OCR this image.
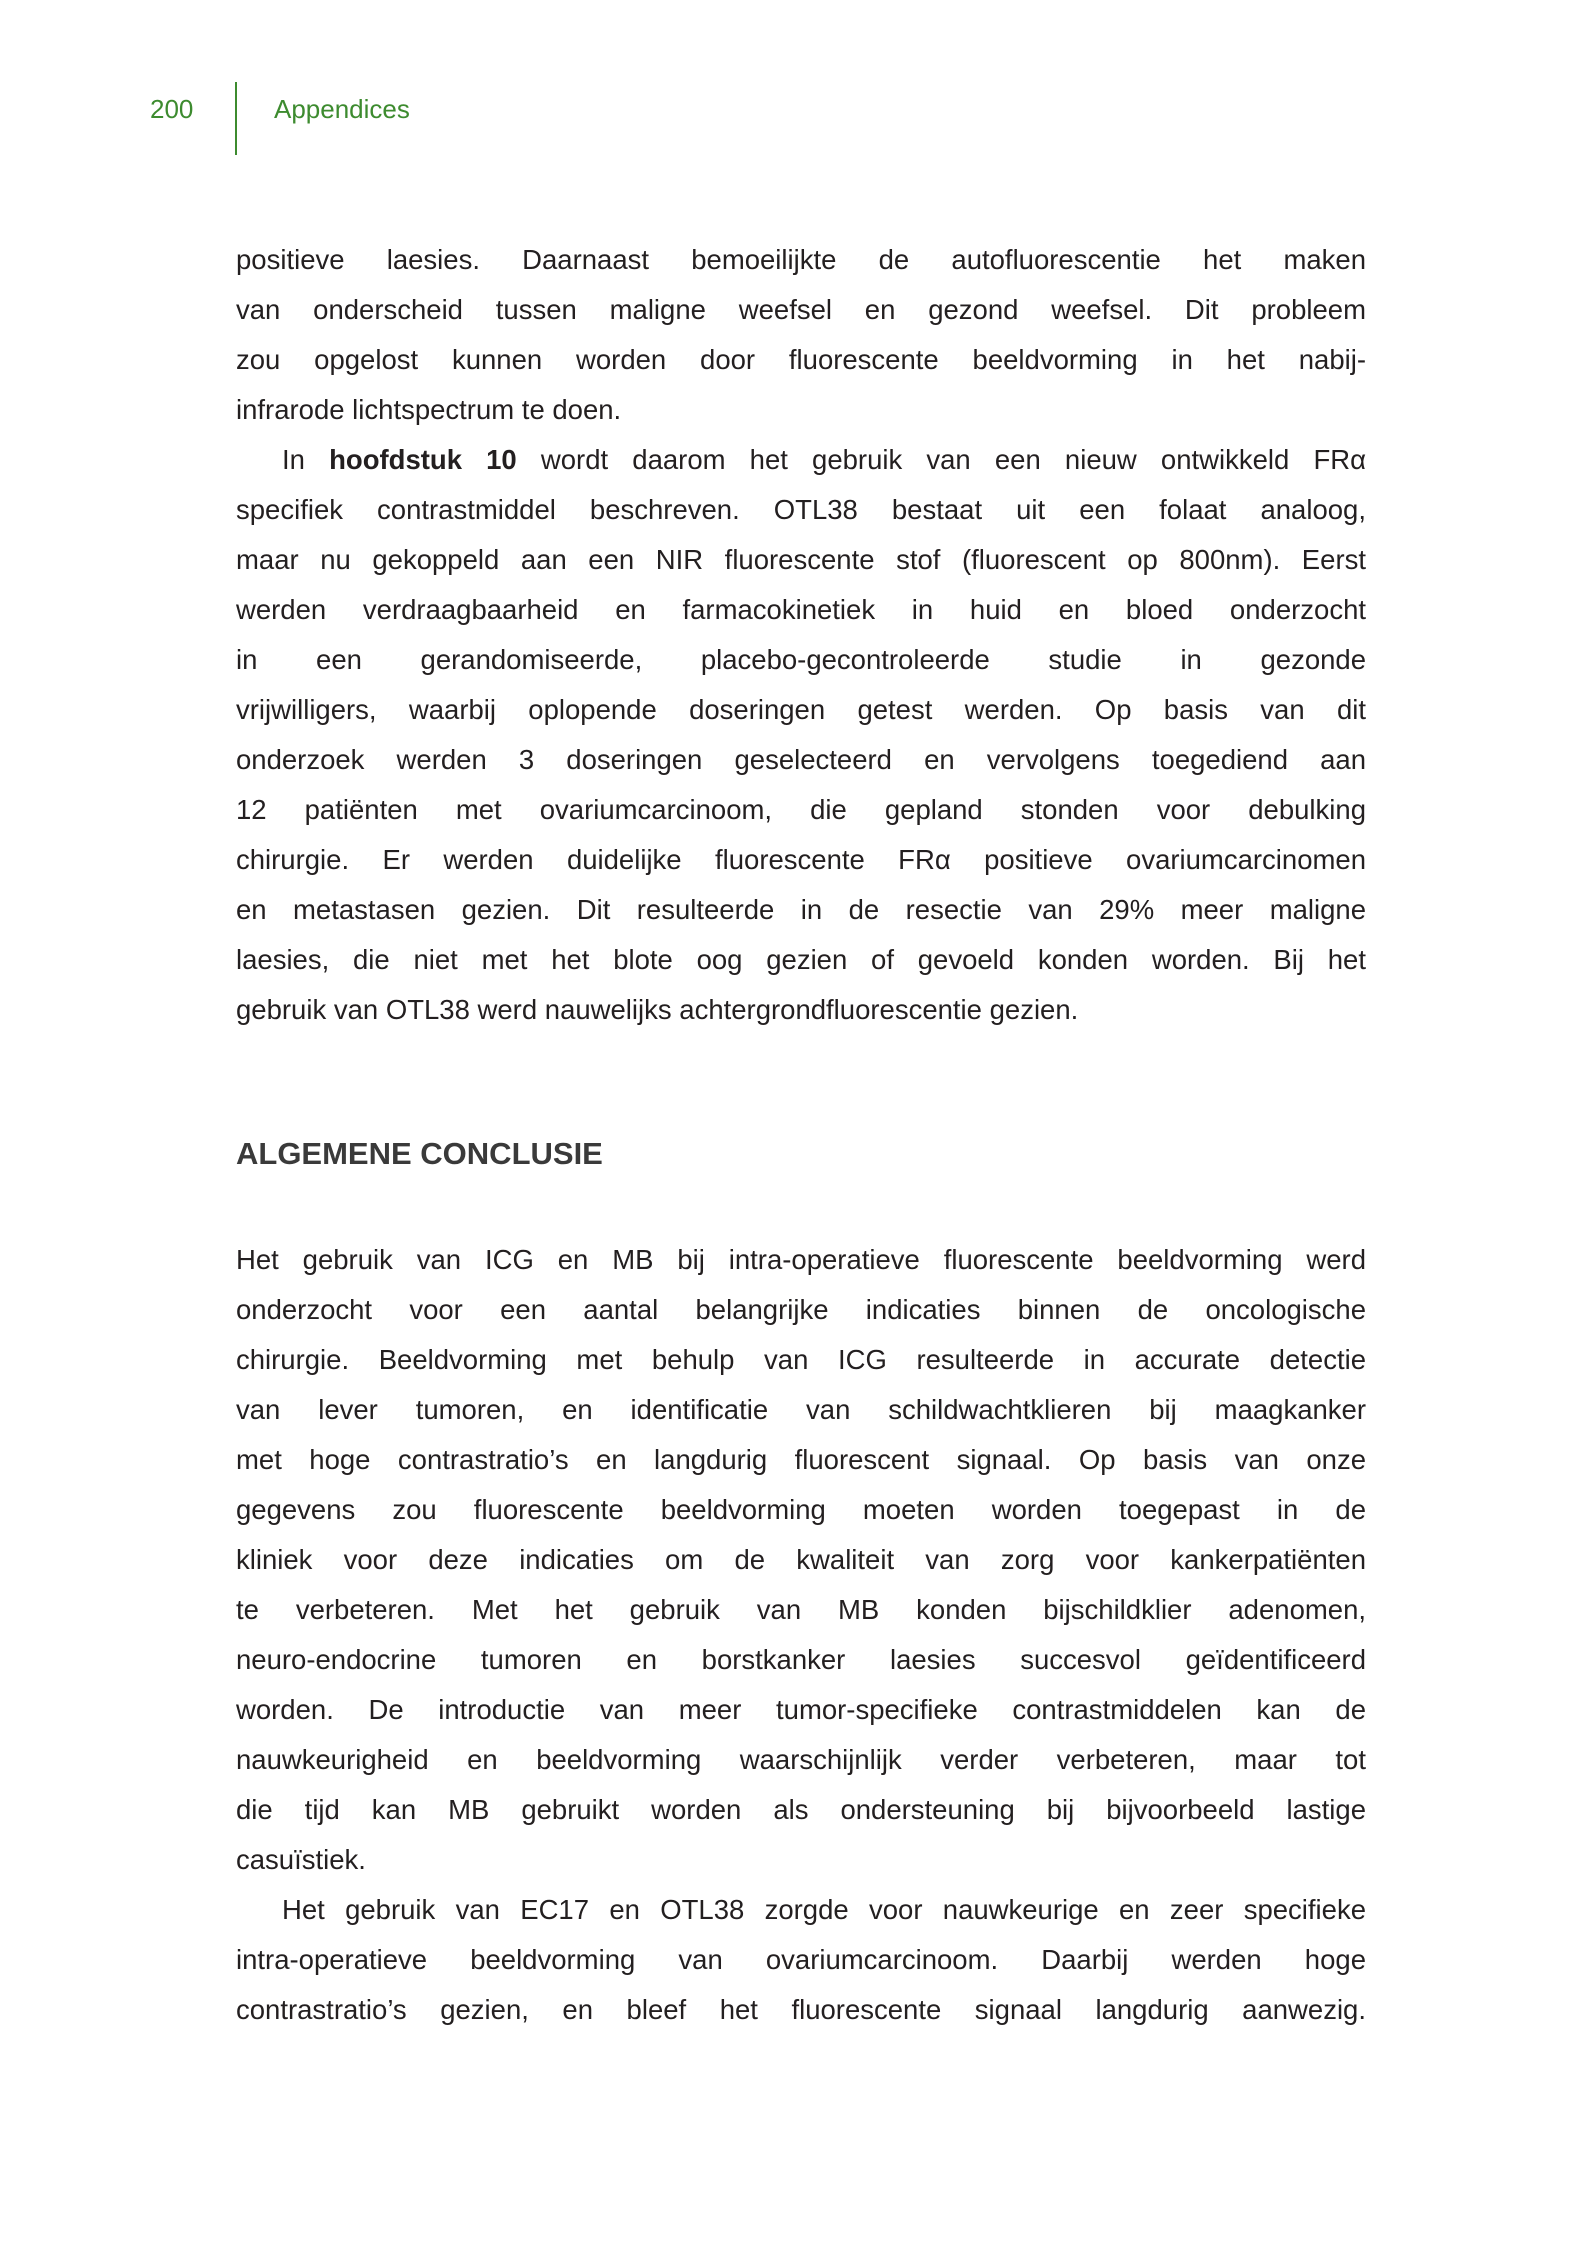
200	Appendices
positieve laesies. Daarnaast bemoeilijkte de autofluorescentie het maken
van onderscheid tussen maligne weefsel en gezond weefsel. Dit probleem
zou opgelost kunnen worden door fluorescente beeldvorming in het nabij-
infrarode lichtspectrum te doen.
In hoofdstuk 10 wordt daarom het gebruik van een nieuw ontwikkeld FRα
specifiek contrastmiddel beschreven. OTL38 bestaat uit een folaat analoog,
maar nu gekoppeld aan een NIR fluorescente stof (fluorescent op 800nm). Eerst
werden verdraagbaarheid en farmacokinetiek in huid en bloed onderzocht
in een gerandomiseerde, placebo-gecontroleerde studie in gezonde
vrijwilligers, waarbij oplopende doseringen getest werden. Op basis van dit
onderzoek werden 3 doseringen geselecteerd en vervolgens toegediend aan
12 patiënten met ovariumcarcinoom, die gepland stonden voor debulking
chirurgie. Er werden duidelijke fluorescente FRα positieve ovariumcarcinomen
en metastasen gezien. Dit resulteerde in de resectie van 29% meer maligne
laesies, die niet met het blote oog gezien of gevoeld konden worden. Bij het
gebruik van OTL38 werd nauwelijks achtergrondfluorescentie gezien.
ALGEMENE CONCLUSIE
Het gebruik van ICG en MB bij intra-operatieve fluorescente beeldvorming werd
onderzocht voor een aantal belangrijke indicaties binnen de oncologische
chirurgie. Beeldvorming met behulp van ICG resulteerde in accurate detectie
van lever tumoren, en identificatie van schildwachtklieren bij maagkanker
met hoge contrastratio’s en langdurig fluorescent signaal. Op basis van onze
gegevens zou fluorescente beeldvorming moeten worden toegepast in de
kliniek voor deze indicaties om de kwaliteit van zorg voor kankerpatiënten
te verbeteren. Met het gebruik van MB konden bijschildklier adenomen,
neuro-endocrine tumoren en borstkanker laesies succesvol geïdentificeerd
worden. De introductie van meer tumor-specifieke contrastmiddelen kan de
nauwkeurigheid en beeldvorming waarschijnlijk verder verbeteren, maar tot
die tijd kan MB gebruikt worden als ondersteuning bij bijvoorbeeld lastige
casuïstiek.
Het gebruik van EC17 en OTL38 zorgde voor nauwkeurige en zeer specifieke
intra-operatieve beeldvorming van ovariumcarcinoom. Daarbij werden hoge
contrastratio’s gezien, en bleef het fluorescente signaal langdurig aanwezig.
